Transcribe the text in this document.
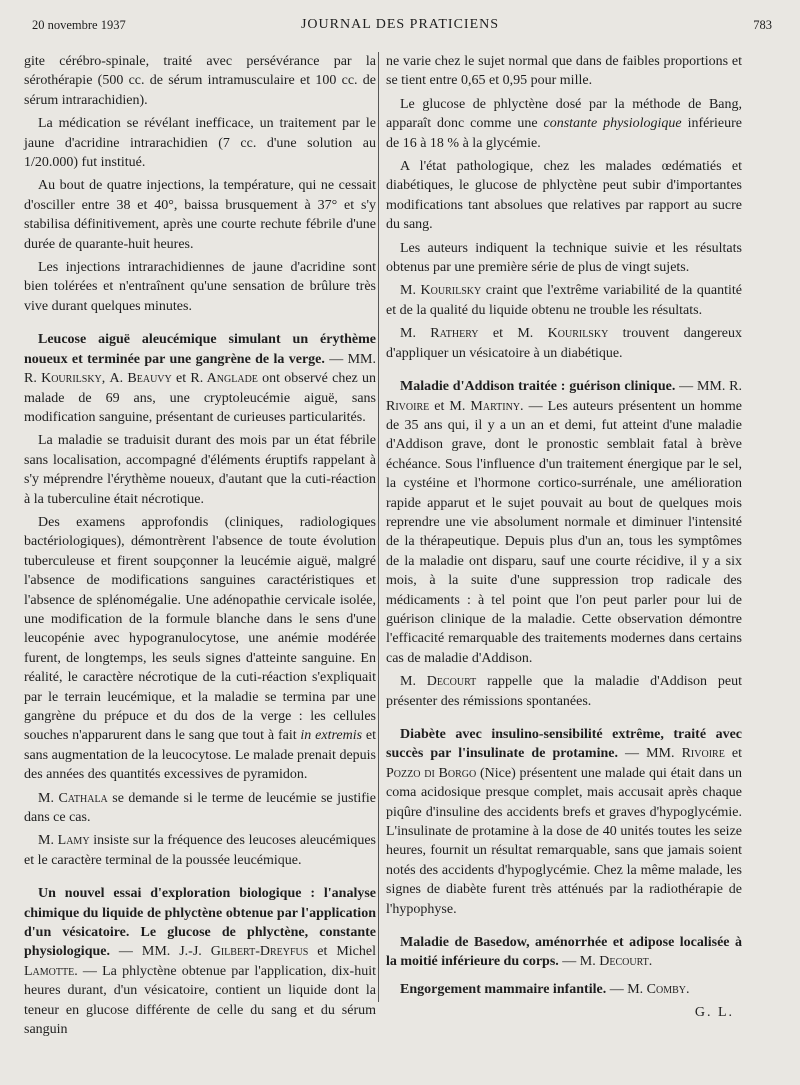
20 novembre 1937	JOURNAL DES PRATICIENS	783

gite cérébro-spinale, traité avec persévérance par la sérothérapie (500 cc. de sérum intramusculaire et 100 cc. de sérum intrarachidien).

La médication se révélant inefficace, un traitement par le jaune d'acridine intrarachidien (7 cc. d'une solution au 1/20.000) fut institué.

Au bout de quatre injections, la température, qui ne cessait d'osciller entre 38 et 40°, baissa brusquement à 37° et s'y stabilisa définitivement, après une courte rechute fébrile d'une durée de quarante-huit heures.

Les injections intrarachidiennes de jaune d'acridine sont bien tolérées et n'entraînent qu'une sensation de brûlure très vive durant quelques minutes.

Leucose aiguë aleucémique simulant un érythème noueux et terminée par une gangrène de la verge. — MM. R. Kourilsky, A. Beauvy et R. Anglade ont observé chez un malade de 69 ans, une cryptoleucémie aiguë, sans modification sanguine, présentant de curieuses particularités.

La maladie se traduisit durant des mois par un état fébrile sans localisation, accompagné d'éléments éruptifs rappelant à s'y méprendre l'érythème noueux, d'autant que la cuti-réaction à la tuberculine était nécrotique.

Des examens approfondis (cliniques, radiologiques bactériologiques), démontrèrent l'absence de toute évolution tuberculeuse et firent soupçonner la leucémie aiguë, malgré l'absence de modifications sanguines caractéristiques et l'absence de splénomégalie. Une adénopathie cervicale isolée, une modification de la formule blanche dans le sens d'une leucopénie avec hypogranulocytose, une anémie modérée furent, de longtemps, les seuls signes d'atteinte sanguine. En réalité, le caractère nécrotique de la cuti-réaction s'expliquait par le terrain leucémique, et la maladie se termina par une gangrène du prépuce et du dos de la verge : les cellules souches n'apparurent dans le sang que tout à fait in extremis et sans augmentation de la leucocytose. Le malade prenait depuis des années des quantités excessives de pyramidon.

M. Cathala se demande si le terme de leucémie se justifie dans ce cas.

M. Lamy insiste sur la fréquence des leucoses aleucémiques et le caractère terminal de la poussée leucémique.

Un nouvel essai d'exploration biologique : l'analyse chimique du liquide de phlyctène obtenue par l'application d'un vésicatoire. Le glucose de phlyctène, constante physiologique. — MM. J.-J. Gilbert-Dreyfus et Michel Lamotte. — La phlyctène obtenue par l'application, dix-huit heures durant, d'un vésicatoire, contient un liquide dont la teneur en glucose différente de celle du sang et du sérum sanguin

ne varie chez le sujet normal que dans de faibles proportions et se tient entre 0,65 et 0,95 pour mille.

Le glucose de phlyctène dosé par la méthode de Bang, apparaît donc comme une constante physiologique inférieure de 16 à 18 % à la glycémie.

A l'état pathologique, chez les malades œdématiés et diabétiques, le glucose de phlyctène peut subir d'importantes modifications tant absolues que relatives par rapport au sucre du sang.

Les auteurs indiquent la technique suivie et les résultats obtenus par une première série de plus de vingt sujets.

M. Kourilsky craint que l'extrême variabilité de la quantité et de la qualité du liquide obtenu ne trouble les résultats.

M. Rathery et M. Kourilsky trouvent dangereux d'appliquer un vésicatoire à un diabétique.

Maladie d'Addison traitée : guérison clinique. — MM. R. Rivoire et M. Martiny. — Les auteurs présentent un homme de 35 ans qui, il y a un an et demi, fut atteint d'une maladie d'Addison grave, dont le pronostic semblait fatal à brève échéance. Sous l'influence d'un traitement énergique par le sel, la cystéine et l'hormone cortico-surrénale, une amélioration rapide apparut et le sujet pouvait au bout de quelques mois reprendre une vie absolument normale et diminuer l'intensité de la thérapeutique. Depuis plus d'un an, tous les symptômes de la maladie ont disparu, sauf une courte récidive, il y a six mois, à la suite d'une suppression trop radicale des médicaments : à tel point que l'on peut parler pour lui de guérison clinique de la maladie. Cette observation démontre l'efficacité remarquable des traitements modernes dans certains cas de maladie d'Addison.

M. Decourt rappelle que la maladie d'Addison peut présenter des rémissions spontanées.

Diabète avec insulino-sensibilité extrême, traité avec succès par l'insulinate de protamine. — MM. Rivoire et Pozzo di Borgo (Nice) présentent une malade qui était dans un coma acidosique presque complet, mais accusait après chaque piqûre d'insuline des accidents brefs et graves d'hypoglycémie. L'insulinate de protamine à la dose de 40 unités toutes les seize heures, fournit un résultat remarquable, sans que jamais soient notés des accidents d'hypoglycémie. Chez la même malade, les signes de diabète furent très atténués par la radiothérapie de l'hypophyse.

Maladie de Basedow, aménorrhée et adipose localisée à la moitié inférieure du corps. — M. Decourt.

Engorgement mammaire infantile. — M. Comby.

G. L.
